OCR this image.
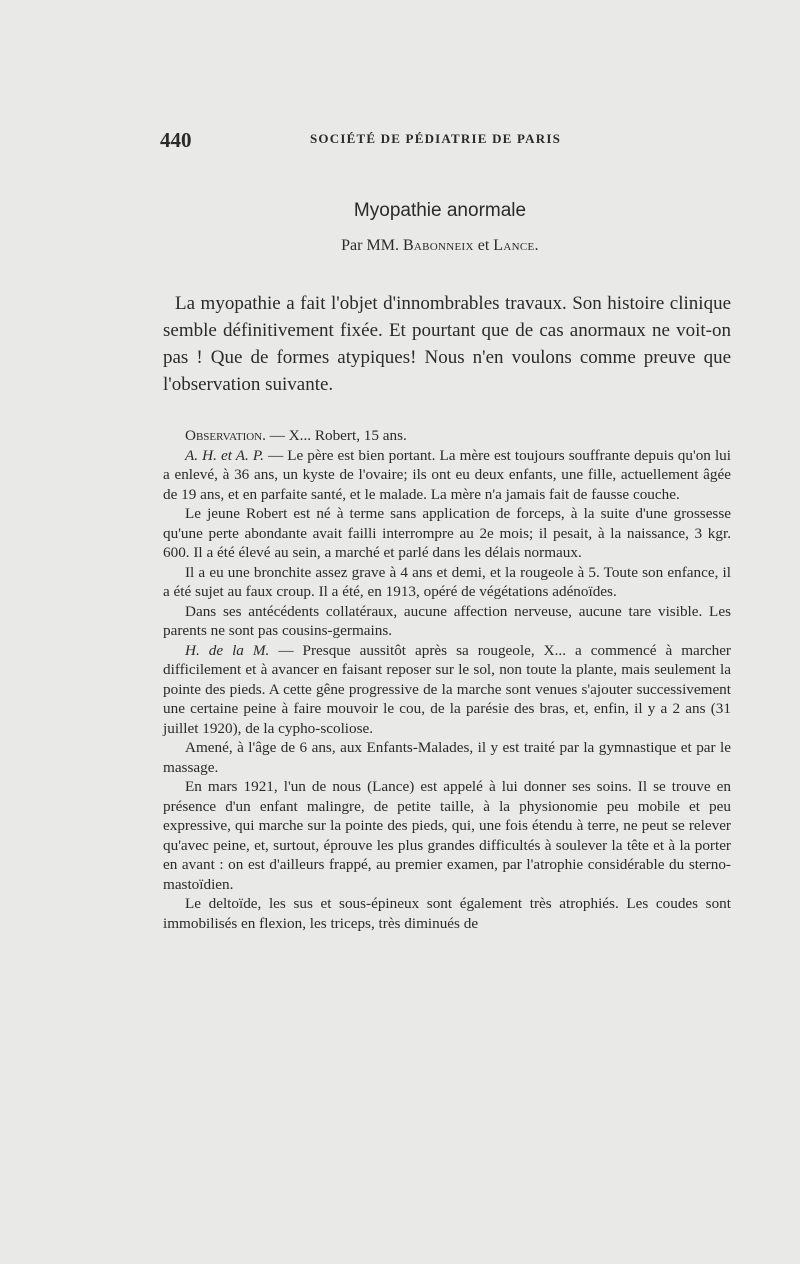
440	SOCIÉTÉ DE PÉDIATRIE DE PARIS
Myopathie anormale
Par MM. Babonneix et Lance.

La myopathie a fait l'objet d'innombrables travaux. Son histoire clinique semble définitivement fixée. Et pourtant que de cas anormaux ne voit-on pas ! Que de formes atypiques! Nous n'en voulons comme preuve que l'observation suivante.

Observation. — X... Robert, 15 ans.

A. H. et A. P. — Le père est bien portant. La mère est toujours souffrante depuis qu'on lui a enlevé, à 36 ans, un kyste de l'ovaire; ils ont eu deux enfants, une fille, actuellement âgée de 19 ans, et en parfaite santé, et le malade. La mère n'a jamais fait de fausse couche.

Le jeune Robert est né à terme sans application de forceps, à la suite d'une grossesse qu'une perte abondante avait failli interrompre au 2e mois; il pesait, à la naissance, 3 kgr. 600. Il a été élevé au sein, a marché et parlé dans les délais normaux.

Il a eu une bronchite assez grave à 4 ans et demi, et la rougeole à 5. Toute son enfance, il a été sujet au faux croup. Il a été, en 1913, opéré de végétations adénoïdes.

Dans ses antécédents collatéraux, aucune affection nerveuse, aucune tare visible. Les parents ne sont pas cousins-germains.

H. de la M. — Presque aussitôt après sa rougeole, X... a commencé à marcher difficilement et à avancer en faisant reposer sur le sol, non toute la plante, mais seulement la pointe des pieds. A cette gêne progressive de la marche sont venues s'ajouter successivement une certaine peine à faire mouvoir le cou, de la parésie des bras, et, enfin, il y a 2 ans (31 juillet 1920), de la cypho-scoliose.

Amené, à l'âge de 6 ans, aux Enfants-Malades, il y est traité par la gymnastique et par le massage.

En mars 1921, l'un de nous (Lance) est appelé à lui donner ses soins. Il se trouve en présence d'un enfant malingre, de petite taille, à la physionomie peu mobile et peu expressive, qui marche sur la pointe des pieds, qui, une fois étendu à terre, ne peut se relever qu'avec peine, et, surtout, éprouve les plus grandes difficultés à soulever la tête et à la porter en avant : on est d'ailleurs frappé, au premier examen, par l'atrophie considérable du sterno-mastoïdien.

Le deltoïde, les sus et sous-épineux sont également très atrophiés. Les coudes sont immobilisés en flexion, les triceps, très diminués de
